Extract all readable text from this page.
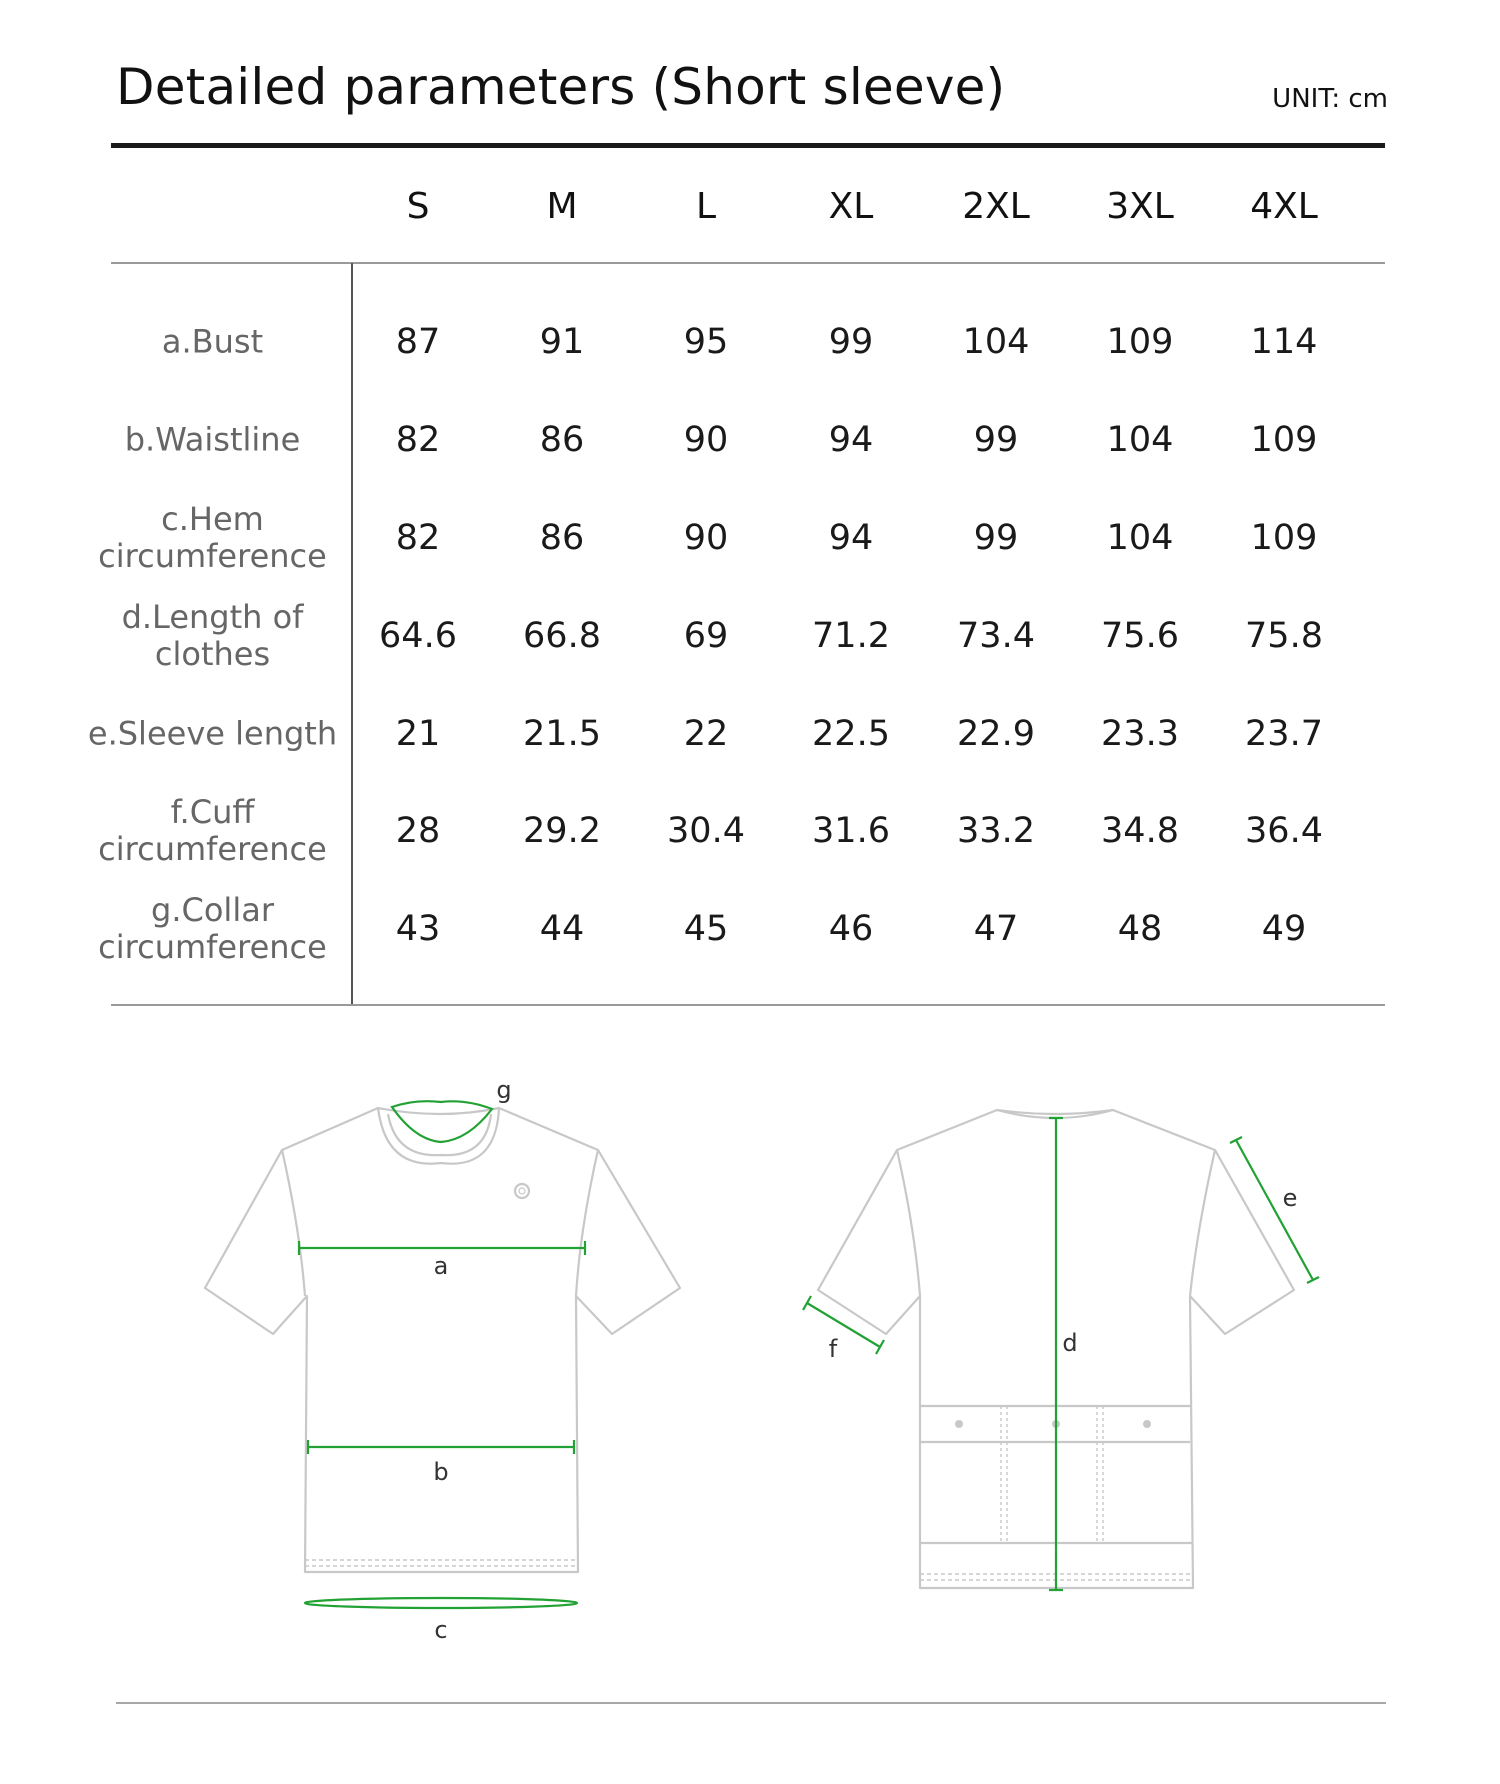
Detailed parameters (Short sleeve)	UNIT: cm
S	M	L	XL	2XL	3XL	4XL
a.Bust	87	91	95	99	104	109	114
b.Waistline	82	86	90	94	99	104	109
c.Hem
circumference	82	86	90	94	99	104	109
d.Length of
clothes	64.6	66.8	69	71.2	73.4	75.6	75.8
e.Sleeve length	21	21.5	22	22.5	22.9	23.3	23.7
f.Cuff
circumference	28	29.2	30.4	31.6	33.2	34.8	36.4
g.Collar
circumference	43	44	45	46	47	48	49
g
a
b
c
d
e
f
